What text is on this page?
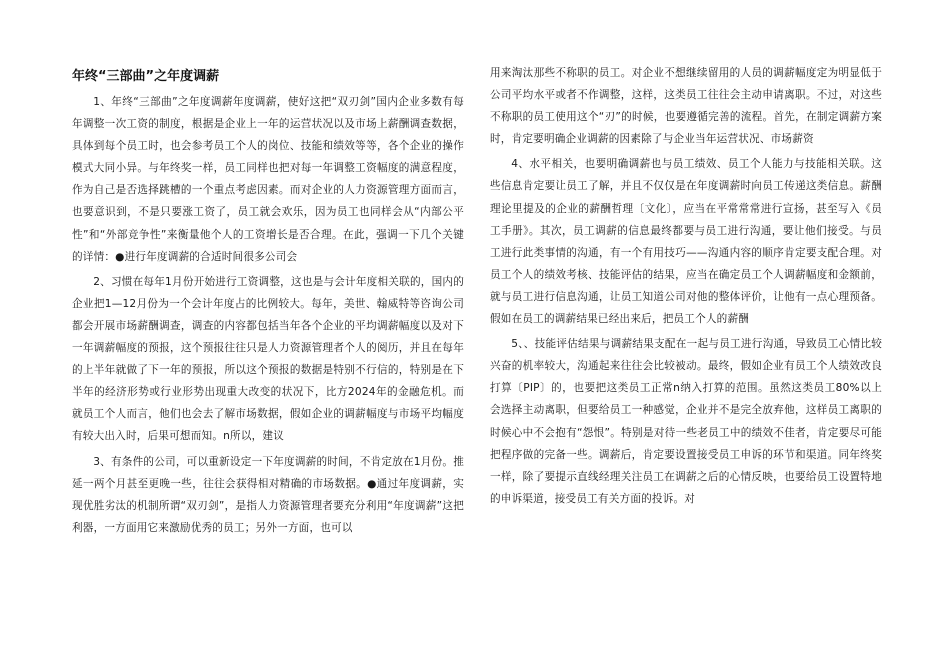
年终“三部曲”之年度调薪

1、年终“三部曲”之年度调薪年度调薪，使好这把“双刃剑”国内企业多数有每年调整一次工资的制度，根据是企业上一年的运营状况以及市场上薪酬调查数据，具体到每个员工时，也会参考员工个人的岗位、技能和绩效等等，各个企业的操作模式大同小异。与年终奖一样，员工同样也把对每一年调整工资幅度的满意程度，作为自己是否选择跳槽的一个重点考虑因素。而对企业的人力资源管理方面而言，也要意识到，不是只要涨工资了，员工就会欢乐，因为员工也同样会从“内部公平性”和“外部竞争性”来衡量他个人的工资增长是否合理。在此，强调一下几个关键的详情：●进行年度调薪的合适时间很多公司会

2、习惯在每年1月份开始进行工资调整，这也是与会计年度相关联的，国内的企业把1—12月份为一个会计年度占的比例较大。每年，美世、翰威特等咨询公司都会开展市场薪酬调查，调查的内容都包括当年各个企业的平均调薪幅度以及对下一年调薪幅度的预报，这个预报往往只是人力资源管理者个人的阅历，并且在每年的上半年就做了下一年的预报，所以这个预报的数据是特别不行信的，特别是在下半年的经济形势或行业形势出现重大改变的状况下，比方2024年的金融危机。而就员工个人而言，他们也会去了解市场数据，假如企业的调薪幅度与市场平均幅度有较大出入时，后果可想而知。n所以，建议

3、有条件的公司，可以重新设定一下年度调薪的时间，不肯定放在1月份。推延一两个月甚至更晚一些，往往会获得相对精确的市场数据。●通过年度调薪，实现优胜劣汰的机制所谓“双刃剑”，是指人力资源管理者要充分利用“年度调薪”这把利器，一方面用它来激励优秀的员工；另外一方面，也可以

用来淘汰那些不称职的员工。对企业不想继续留用的人员的调薪幅度定为明显低于公司平均水平或者不作调整，这样，这类员工往往会主动申请离职。不过，对这些不称职的员工使用这个“刃”的时候，也要遵循完善的流程。首先，在制定调薪方案时，肯定要明确企业调薪的因素除了与企业当年运营状况、市场薪资

4、水平相关，也要明确调薪也与员工绩效、员工个人能力与技能相关联。这些信息肯定要让员工了解，并且不仅仅是在年度调薪时向员工传递这类信息。薪酬理论里提及的企业的薪酬哲理〔文化〕，应当在平常常常进行宣扬，甚至写入《员工手册》。其次，员工调薪的信息最终都要与员工进行沟通，要让他们接受。与员工进行此类事情的沟通，有一个有用技巧——沟通内容的顺序肯定要支配合理。对员工个人的绩效考核、技能评估的结果，应当在确定员工个人调薪幅度和金额前，就与员工进行信息沟通，让员工知道公司对他的整体评价，让他有一点心理预备。假如在员工的调薪结果已经出来后，把员工个人的薪酬

5、、技能评估结果与调薪结果支配在一起与员工进行沟通，导致员工心情比较兴奋的机率较大，沟通起来往往会比较被动。最终，假如企业有员工个人绩效改良打算〔PIP〕的，也要把这类员工正常n纳入打算的范围。虽然这类员工80%以上会选择主动离职，但要给员工一种感觉，企业并不是完全放弃他，这样员工离职的时候心中不会抱有“怨恨”。特别是对待一些老员工中的绩效不佳者，肯定要尽可能把程序做的完备一些。调薪后，肯定要设置接受员工申诉的环节和渠道。同年终奖一样，除了要提示直线经理关注员工在调薪之后的心情反映，也要给员工设置特地的申诉渠道，接受员工有关方面的投诉。对
